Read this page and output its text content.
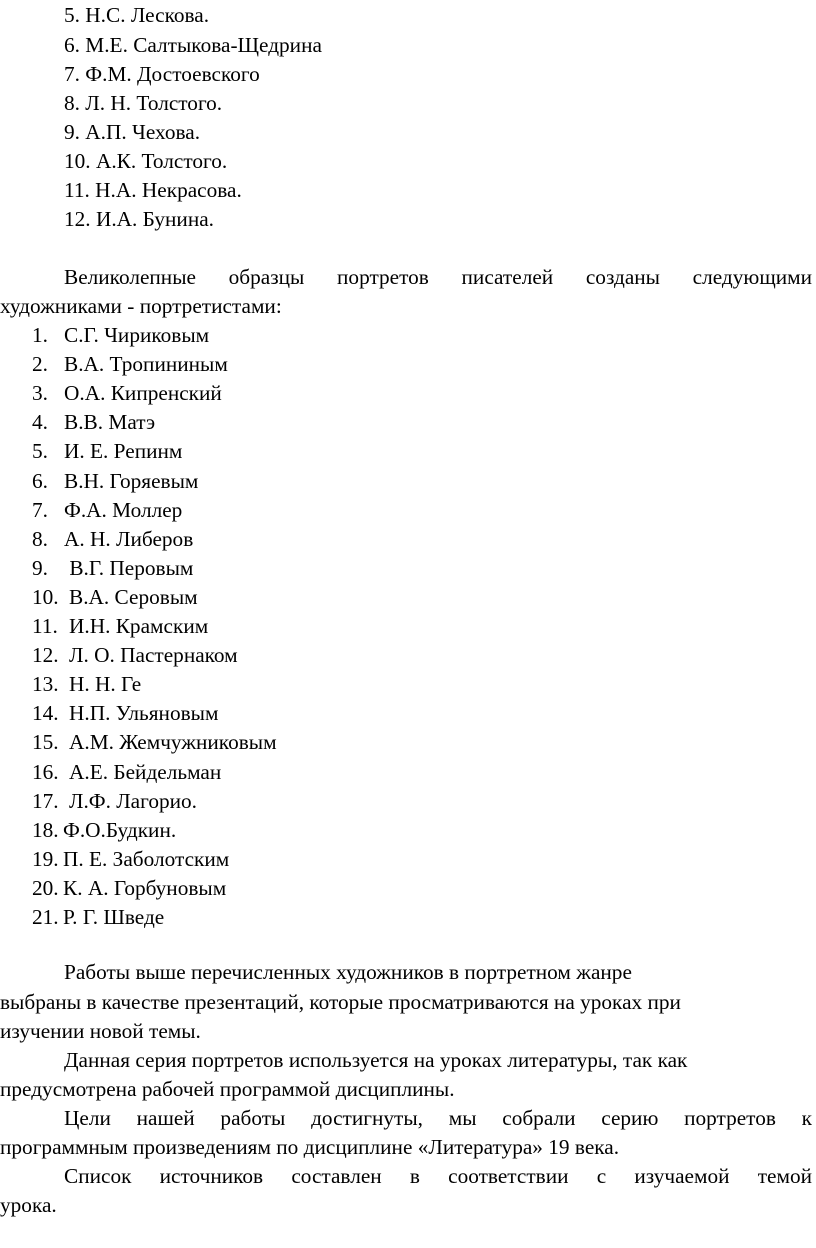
5. Н.С. Лескова.
6. М.Е. Салтыкова-Щедрина
7. Ф.М. Достоевского
8. Л. Н. Толстого.
9. А.П. Чехова.
10. А.К. Толстого.
11. Н.А. Некрасова.
12. И.А. Бунина.
Великолепные образцы портретов писателей созданы следующими
художниками - портретистами:
1. С.Г. Чириковым
2. В.А. Тропининым
3. О.А. Кипренский
4. В.В. Матэ
5. И. Е. Репинм
6. В.Н. Горяевым
7. Ф.А. Моллер
8. А. Н. Либеров
9. В.Г. Перовым
10. В.А. Серовым
11. И.Н. Крамским
12. Л. О. Пастернаком
13. Н. Н. Ге
14. Н.П. Ульяновым
15. А.М. Жемчужниковым
16. А.Е. Бейдельман
17. Л.Ф. Лагорио.
18. Ф.О.Будкин.
19. П. Е. Заболотским
20. К. А. Горбуновым
21. Р. Г. Шведе
Работы выше перечисленных художников в портретном жанре
выбраны в качестве презентаций, которые просматриваются на уроках при
изучении новой темы.
Данная серия портретов используется на уроках литературы, так как
предусмотрена рабочей программой дисциплины.
Цели нашей работы достигнуты, мы собрали серию портретов к
программным произведениям по дисциплине «Литература» 19 века.
Список источников составлен в соответствии с изучаемой темой
урока.
